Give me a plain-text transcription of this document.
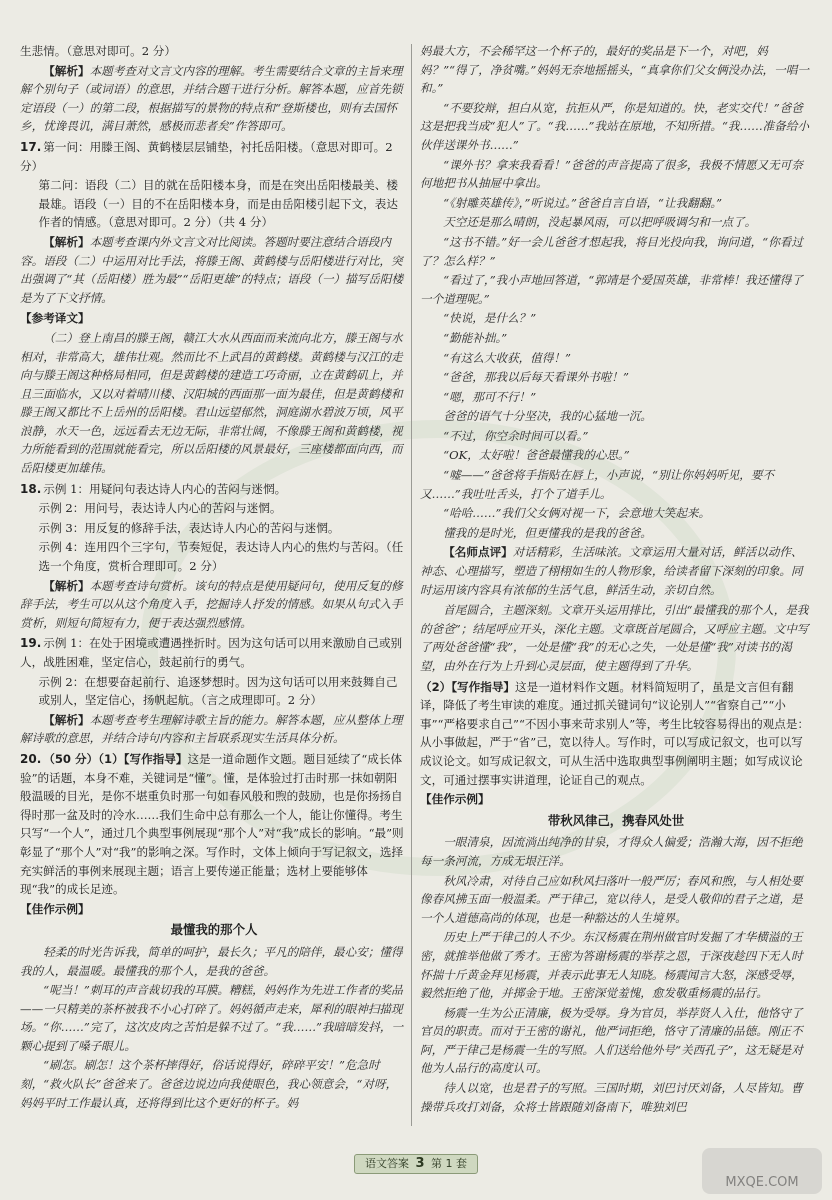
生悲情。（意思对即可。2 分）

【解析】本题考查对文言文内容的理解。考生需要结合文章的主旨来理解个别句子（或词语）的意思，并结合题干进行分析。解答本题，应首先锁定语段（一）的第二段，根据描写的景物的特点和“登斯楼也，则有去国怀乡，忧谗畏讥，满目萧然，感极而悲者矣”作答即可。

17. 第一问：用滕王阁、黄鹤楼层层铺垫，衬托岳阳楼。（意思对即可。2 分）

第二问：语段（二）目的就在岳阳楼本身，而是在突出岳阳楼最美、楼最雄。语段（一）目的不在岳阳楼本身，而是由岳阳楼引起下文，表达作者的情感。（意思对即可。2 分）（共 4 分）

【解析】本题考查课内外文言文对比阅读。答题时要注意结合语段内容。语段（二）中运用对比手法，将滕王阁、黄鹤楼与岳阳楼进行对比，突出强调了“其（岳阳楼）胜为最”“岳阳更雄”的特点；语段（一）描写岳阳楼是为了下文抒情。

【参考译文】

（二）登上南昌的滕王阁，赣江大水从西面而来流向北方，滕王阁与水相对，非常高大，雄伟壮观。然而比不上武昌的黄鹤楼。黄鹤楼与汉江的走向与滕王阁这种格局相同，但是黄鹤楼的建造工巧奇丽，立在黄鹤矶上，并且三面临水，又以对着晴川楼、汉阳城的西面那一面为最佳，但是黄鹤楼和滕王阁又都比不上岳州的岳阳楼。君山远望郁然，洞庭湖水碧波万顷，风平浪静，水天一色，远远看去无边无际，非常壮阔，不像滕王阁和黄鹤楼，视力所能看到的范围就能看完，所以岳阳楼的风景最好，三座楼都面向西，而岳阳楼更加雄伟。

18. 示例 1：用疑问句表达诗人内心的苦闷与迷惘。

示例 2：用问号，表达诗人内心的苦闷与迷惘。

示例 3：用反复的修辞手法，表达诗人内心的苦闷与迷惘。

示例 4：连用四个三字句，节奏短促，表达诗人内心的焦灼与苦闷。（任选一个角度，赏析合理即可。2 分）

【解析】本题考查诗句赏析。该句的特点是使用疑问句，使用反复的修辞手法，考生可以从这个角度入手，挖掘诗人抒发的情感。如果从句式入手赏析，则短句简短有力，便于表达强烈感情。

19. 示例 1：在处于困境或遭遇挫折时。因为这句话可以用来激励自己或别人，战胜困难，坚定信心，鼓起前行的勇气。

示例 2：在想要奋起前行、追逐梦想时。因为这句话可以用来鼓舞自己或别人，坚定信心，扬帆起航。（言之成理即可。2 分）

【解析】本题考查考生理解诗歌主旨的能力。解答本题，应从整体上理解诗歌的意思，并结合诗句内容和主旨联系现实生活具体分析。

20. （50 分）（1）【写作指导】这是一道命题作文题。题目延续了“成长体验”的话题，本身不难，关键词是“懂”。懂，是体验过打击时那一抹如朝阳般温暖的目光，是你不堪重负时那一句如春风般和煦的鼓励，也是你扬扬自得时那一盆及时的冷水……我们生命中总有那么一个人，能让你懂得。考生只写“一个人”，通过几个典型事例展现“那个人”对“我”成长的影响。“最”则彰显了“那个人”对“我”的影响之深。写作时，文体上倾向于写记叙文，选择充实鲜活的事例来展现主题；语言上要传递正能量；选材上要能够体现“我”的成长足迹。

【佳作示例】

最懂我的那个人

轻柔的时光告诉我，简单的呵护，最长久；平凡的陪伴，最心安；懂得我的人，最温暖。最懂我的那个人，是我的爸爸。

“呢当！”刺耳的声音裁切我的耳膜。糟糕，妈妈作为先进工作者的奖品——一只精美的茶杯被我不小心打碎了。妈妈循声走来，犀利的眼神扫描现场。“你……”完了，这次皮肉之苦怕是躲不过了。“我……”我暗暗发抖，一颗心提到了嗓子眼儿。

“刷怎。刷怎！这个茶杯摔得好，俗话说得好，碎碎平安！”危急时刻，“救火队长”爸爸来了。爸爸边说边向我使眼色，我心领意会，“对呀，妈妈平时工作最认真，还将得到比这个更好的杯子。妈

妈最大方，不会稀罕这一个杯子的，最好的奖品是下一个，对吧，妈妈？”“得了，净贫嘴。”妈妈无奈地摇摇头，“真拿你们父女俩没办法，一唱一和。”

“不要狡辩，担白从宽，抗拒从严，你是知道的。快，老实交代！”爸爸这是把我当成“犯人”了。“我……”我站在原地，不知所措。“我……准备给小伙伴送课外书……”

“课外书？拿来我看看！”爸爸的声音提高了很多，我极不情愿又无可奈何地把书从抽屉中拿出。

“《射雕英雄传》，”听说过。”爸爸自言自语，“让我翻翻。”

天空还是那么晴朗，没起暴风雨，可以把呼吸调匀和一点了。

“这书不错。”好一会儿爸爸才想起我，将目光投向我，询问道，“你看过了？怎么样？”

“看过了，”我小声地回答道，“郭靖是个爱国英雄，非常棒！我还懂得了一个道理呢。”

“快说，是什么？”

“勤能补拙。”

“有这么大收获，值得！”

“爸爸，那我以后每天看课外书啦！”

“嗯，那可不行！”

爸爸的语气十分坚决，我的心猛地一沉。

“不过，你空余时间可以看。”

“OK，太好啦！爸爸最懂我的心思。”

“嘘——”爸爸将手指贴在唇上，小声说，“别让你妈妈听见，要不又……”我吐吐舌头，打个了道手儿。

“哈哈……”我们父女俩对视一下，会意地大笑起来。

懂我的是时光，但更懂我的是我的爸爸。

【名师点评】对话精彩，生活味浓。文章运用大量对话，鲜活以动作、神态、心理描写，塑造了栩栩如生的人物形象，给读者留下深刻的印象。同时运用该内容具有浓郁的生活气息，鲜活生动，亲切自然。

首尾圆合，主题深刻。文章开头运用排比，引出“最懂我的那个人，是我的爸爸”；结尾呼应开头，深化主题。文章既首尾圆合，又呼应主题。文中写了两处爸爸懂“我”，一处是懂“我”的无心之失，一处是懂“我”对读书的渴望，由外在行为上升到心灵层面，使主题得到了升华。

（2）【写作指导】这是一道材料作文题。材料简短明了，虽是文言但有翻译，降低了考生审读的难度。通过抓关键词句“议论别人”“省察自己”“小事”“严格要求自己”“不因小事来苛求别人”等，考生比较容易得出的观点是：从小事做起，严于“省”己，宽以待人。写作时，可以写成记叙文，也可以写成议论文。如写成记叙文，可从生活中选取典型事例阐明主题；如写成议论文，可通过摆事实讲道理，论证自己的观点。

【佳作示例】

带秋风律己，携春风处世

一眼清泉，因流淌出纯净的甘泉，才得众人偏爱；浩瀚大海，因不拒绝每一条河流，方成无垠汪洋。

秋风冷肃，对待自己应如秋风扫落叶一般严厉；春风和煦，与人相处要像春风拂玉面一般温柔。严于律己，宽以待人，是受人敬仰的君子之道，是一个人道德高尚的体现，也是一种豁达的人生境界。

历史上严于律己的人不少。东汉杨震在荆州做官时发掘了才华横溢的王密，就推举他做了秀才。王密为答谢杨震的举荐之恩，于深夜趁四下无人时怀揣十斤黄金拜见杨震，并表示此事无人知晓。杨震闻言大怒，深感受辱，毅然拒绝了他，并掷金于地。王密深觉羞愧，愈发敬重杨震的品行。

杨震一生为公正清廉，极为受辱。身为官员，举荐贤人入仕，他恪守了官员的职责。而对于王密的谢礼，他严词拒绝，恪守了清廉的品德。刚正不阿，严于律己是杨震一生的写照。人们送给他外号“关西孔子”，这无疑是对他为人品行的高度认可。

待人以宽，也是君子的写照。三国时期，刘巴讨厌刘备，人尽皆知。曹操带兵攻打刘备，众将士皆跟随刘备南下，唯独刘巴

语文答案 3 第 1 套
MXQE.COM
